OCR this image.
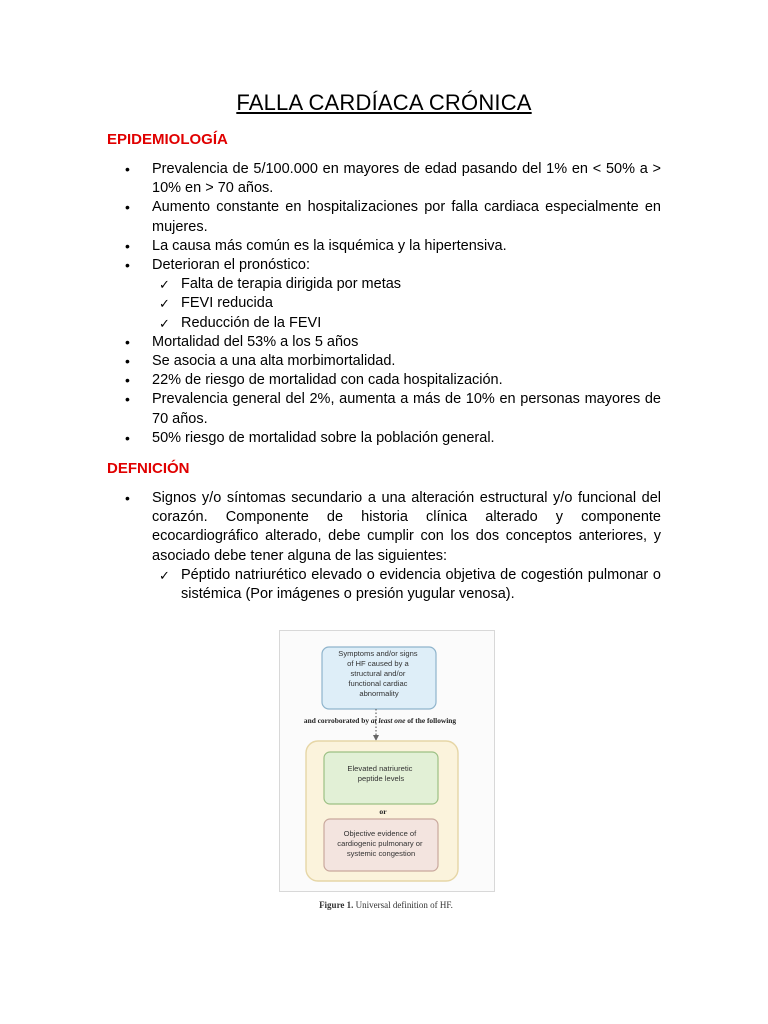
FALLA CARDÍACA CRÓNICA
EPIDEMIOLOGÍA
• Prevalencia de 5/100.000 en mayores de edad pasando del 1% en < 50% a > 10% en > 70 años.
• Aumento constante en hospitalizaciones por falla cardiaca especialmente en mujeres.
• La causa más común es la isquémica y la hipertensiva.
• Deterioran el pronóstico:
✓ Falta de terapia dirigida por metas
✓ FEVI reducida
✓ Reducción de la FEVI
• Mortalidad del 53% a los 5 años
• Se asocia a una alta morbimortalidad.
• 22% de riesgo de mortalidad con cada hospitalización.
• Prevalencia general del 2%, aumenta a más de 10% en personas mayores de 70 años.
• 50% riesgo de mortalidad sobre la población general.
DEFNICIÓN
• Signos y/o síntomas secundario a una alteración estructural y/o funcional del corazón. Componente de historia clínica alterado y componente ecocardiográfico alterado, debe cumplir con los dos conceptos anteriores, y asociado debe tener alguna de las siguientes:
✓ Péptido natriurético elevado o evidencia objetiva de cogestión pulmonar o sistémica (Por imágenes o presión yugular venosa).
Symptoms and/or signs of HF caused by a structural and/or functional cardiac abnormality
and corroborated by at least one of the following
Elevated natriuretic peptide levels
or
Objective evidence of cardiogenic pulmonary or systemic congestion
Figure 1. Universal definition of HF.
